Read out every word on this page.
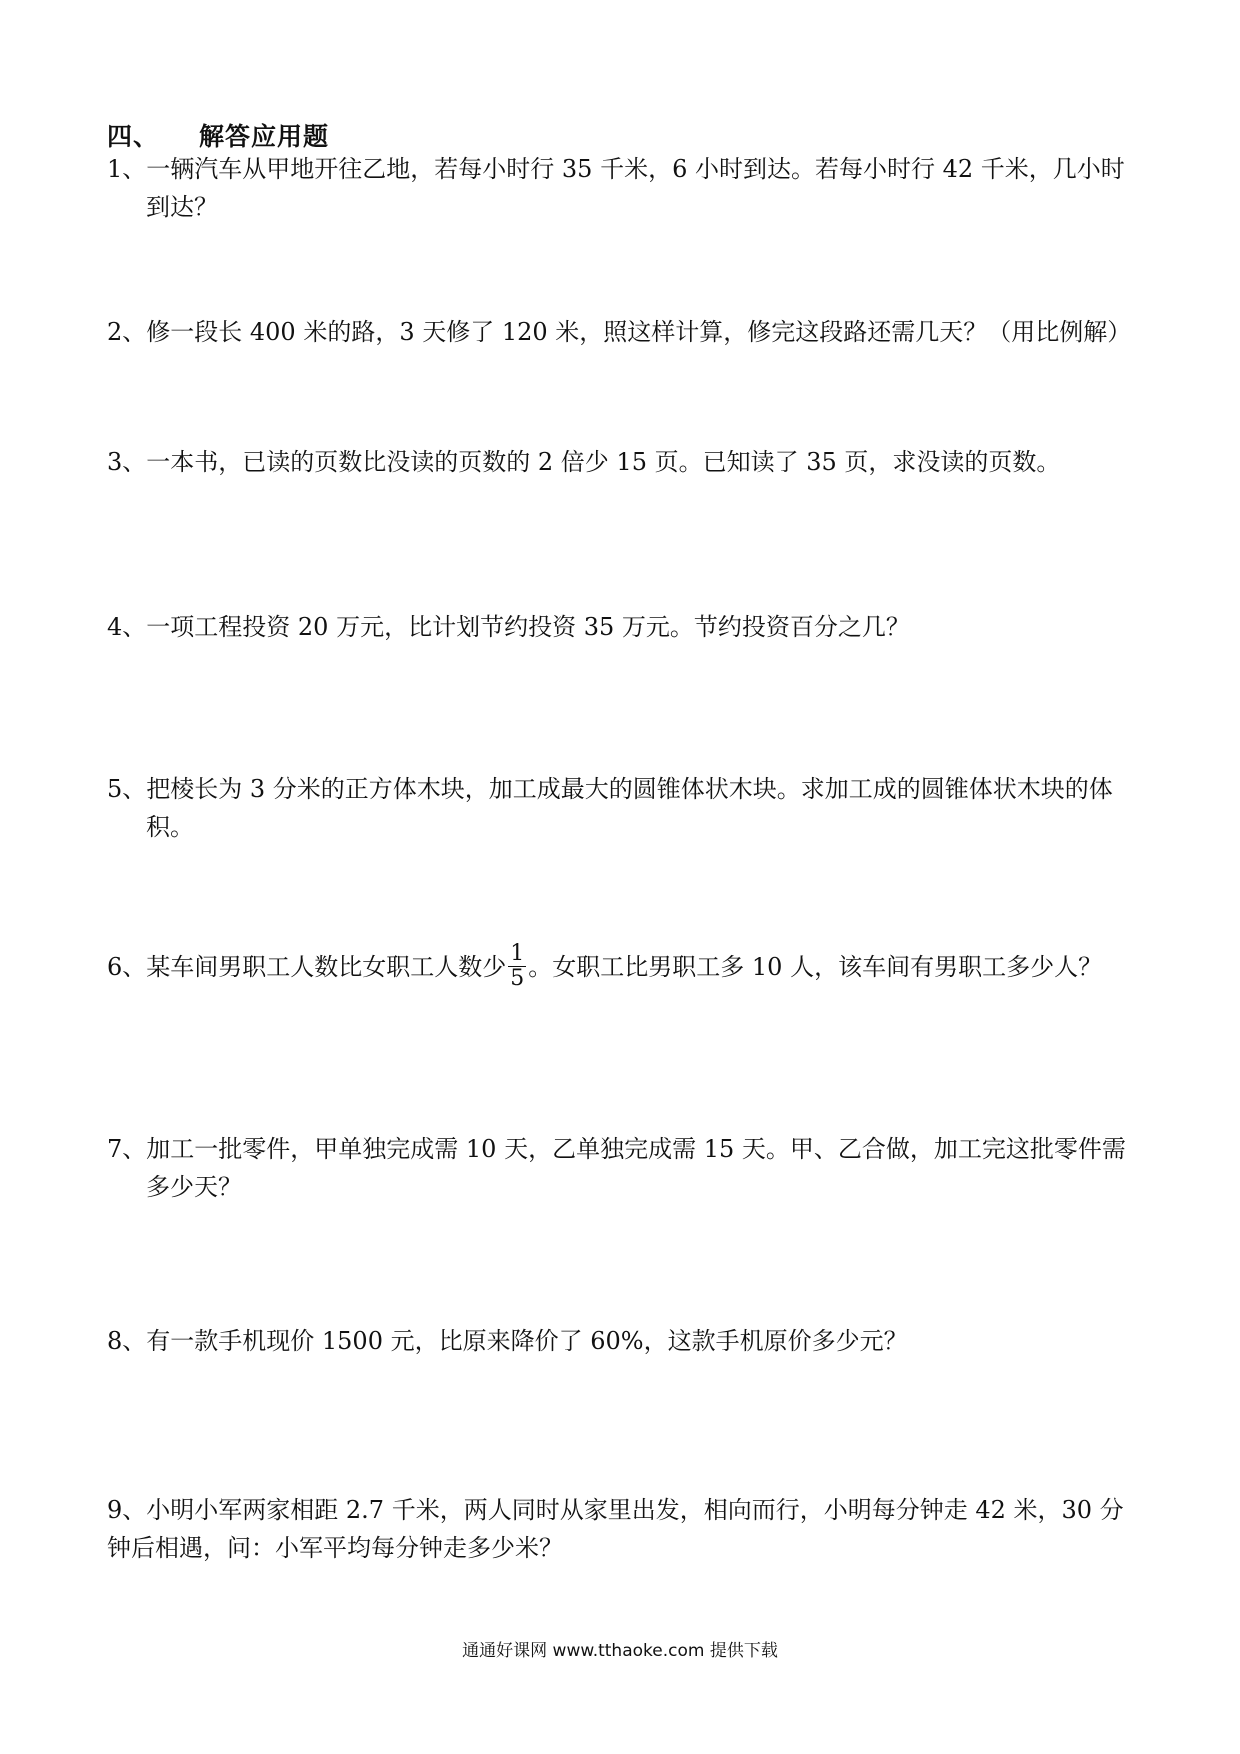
四、 解答应用题
1、一辆汽车从甲地开往乙地，若每小时行 35 千米，6 小时到达。若每小时行 42 千米，几小时
到达？
2、修一段长 400 米的路，3 天修了 120 米，照这样计算，修完这段路还需几天？（用比例解）
3、一本书，已读的页数比没读的页数的 2 倍少 15 页。已知读了 35 页，求没读的页数。
4、一项工程投资 20 万元，比计划节约投资 35 万元。节约投资百分之几？
5、把棱长为 3 分米的正方体木块，加工成最大的圆锥体状木块。求加工成的圆锥体状木块的体
积。
6、某车间男职工人数比女职工人数少 $\frac{1}{5}$ 。女职工比男职工多 10 人，该车间有男职工多少人？
7、加工一批零件，甲单独完成需 10 天，乙单独完成需 15 天。甲、乙合做，加工完这批零件需
多少天？
8、有一款手机现价 1500 元，比原来降价了 60%，这款手机原价多少元？
9、小明小军两家相距 2.7 千米，两人同时从家里出发，相向而行，小明每分钟走 42 米，30 分
钟后相遇，问：小军平均每分钟走多少米？
通通好课网 www.tthaoke.com 提供下载
